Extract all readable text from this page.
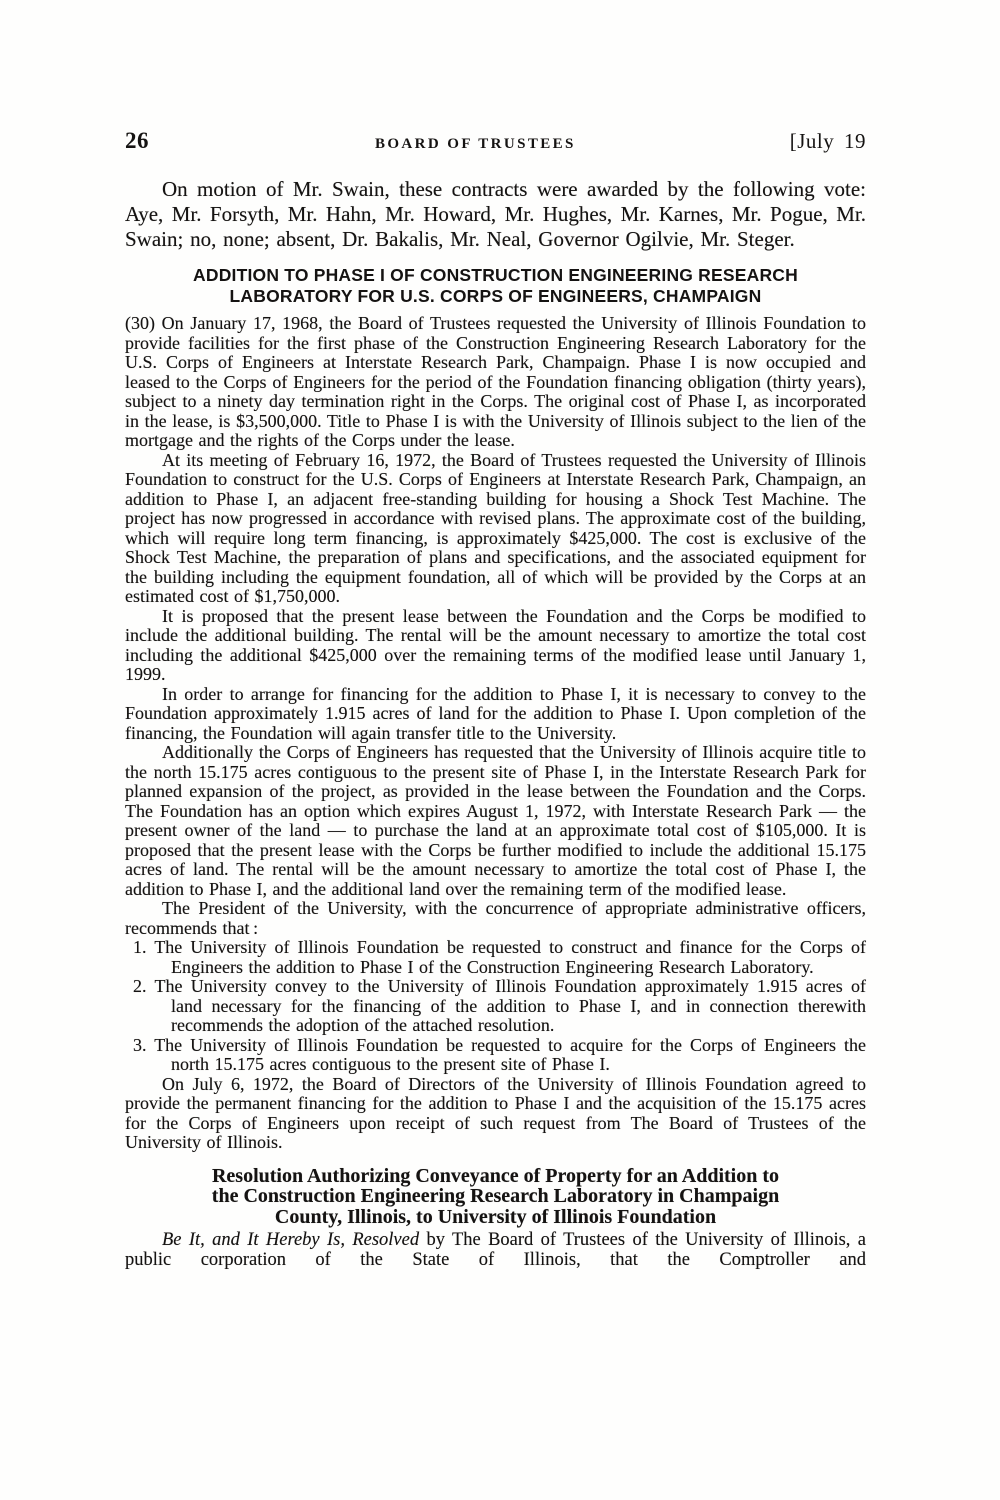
26	BOARD OF TRUSTEES	[July 19

On motion of Mr. Swain, these contracts were awarded by the following vote: Aye, Mr. Forsyth, Mr. Hahn, Mr. Howard, Mr. Hughes, Mr. Karnes, Mr. Pogue, Mr. Swain; no, none; absent, Dr. Bakalis, Mr. Neal, Governor Ogilvie, Mr. Steger.

ADDITION TO PHASE I OF CONSTRUCTION ENGINEERING RESEARCH
LABORATORY FOR U.S. CORPS OF ENGINEERS, CHAMPAIGN

(30) On January 17, 1968, the Board of Trustees requested the University of Illinois Foundation to provide facilities for the first phase of the Construction Engineering Research Laboratory for the U.S. Corps of Engineers at Interstate Research Park, Champaign. Phase I is now occupied and leased to the Corps of Engineers for the period of the Foundation financing obligation (thirty years), subject to a ninety day termination right in the Corps. The original cost of Phase I, as incorporated in the lease, is $3,500,000. Title to Phase I is with the University of Illinois subject to the lien of the mortgage and the rights of the Corps under the lease.

At its meeting of February 16, 1972, the Board of Trustees requested the University of Illinois Foundation to construct for the U.S. Corps of Engineers at Interstate Research Park, Champaign, an addition to Phase I, an adjacent free-standing building for housing a Shock Test Machine. The project has now progressed in accordance with revised plans. The approximate cost of the building, which will require long term financing, is approximately $425,000. The cost is exclusive of the Shock Test Machine, the preparation of plans and specifications, and the associated equipment for the building including the equipment foundation, all of which will be provided by the Corps at an estimated cost of $1,750,000.

It is proposed that the present lease between the Foundation and the Corps be modified to include the additional building. The rental will be the amount necessary to amortize the total cost including the additional $425,000 over the remaining terms of the modified lease until January 1, 1999.

In order to arrange for financing for the addition to Phase I, it is necessary to convey to the Foundation approximately 1.915 acres of land for the addition to Phase I. Upon completion of the financing, the Foundation will again transfer title to the University.

Additionally the Corps of Engineers has requested that the University of Illinois acquire title to the north 15.175 acres contiguous to the present site of Phase I, in the Interstate Research Park for planned expansion of the project, as provided in the lease between the Foundation and the Corps. The Foundation has an option which expires August 1, 1972, with Interstate Research Park — the present owner of the land — to purchase the land at an approximate total cost of $105,000. It is proposed that the present lease with the Corps be further modified to include the additional 15.175 acres of land. The rental will be the amount necessary to amortize the total cost of Phase I, the addition to Phase I, and the additional land over the remaining term of the modified lease.

The President of the University, with the concurrence of appropriate administrative officers, recommends that :

1. The University of Illinois Foundation be requested to construct and finance for the Corps of Engineers the addition to Phase I of the Construction Engineering Research Laboratory.
2. The University convey to the University of Illinois Foundation approximately 1.915 acres of land necessary for the financing of the addition to Phase I, and in connection therewith recommends the adoption of the attached resolution.
3. The University of Illinois Foundation be requested to acquire for the Corps of Engineers the north 15.175 acres contiguous to the present site of Phase I.

On July 6, 1972, the Board of Directors of the University of Illinois Foundation agreed to provide the permanent financing for the addition to Phase I and the acquisition of the 15.175 acres for the Corps of Engineers upon receipt of such request from The Board of Trustees of the University of Illinois.

Resolution Authorizing Conveyance of Property for an Addition to
the Construction Engineering Research Laboratory in Champaign
County, Illinois, to University of Illinois Foundation

Be It, and It Hereby Is, Resolved by The Board of Trustees of the University of Illinois, a public corporation of the State of Illinois, that the Comptroller and
